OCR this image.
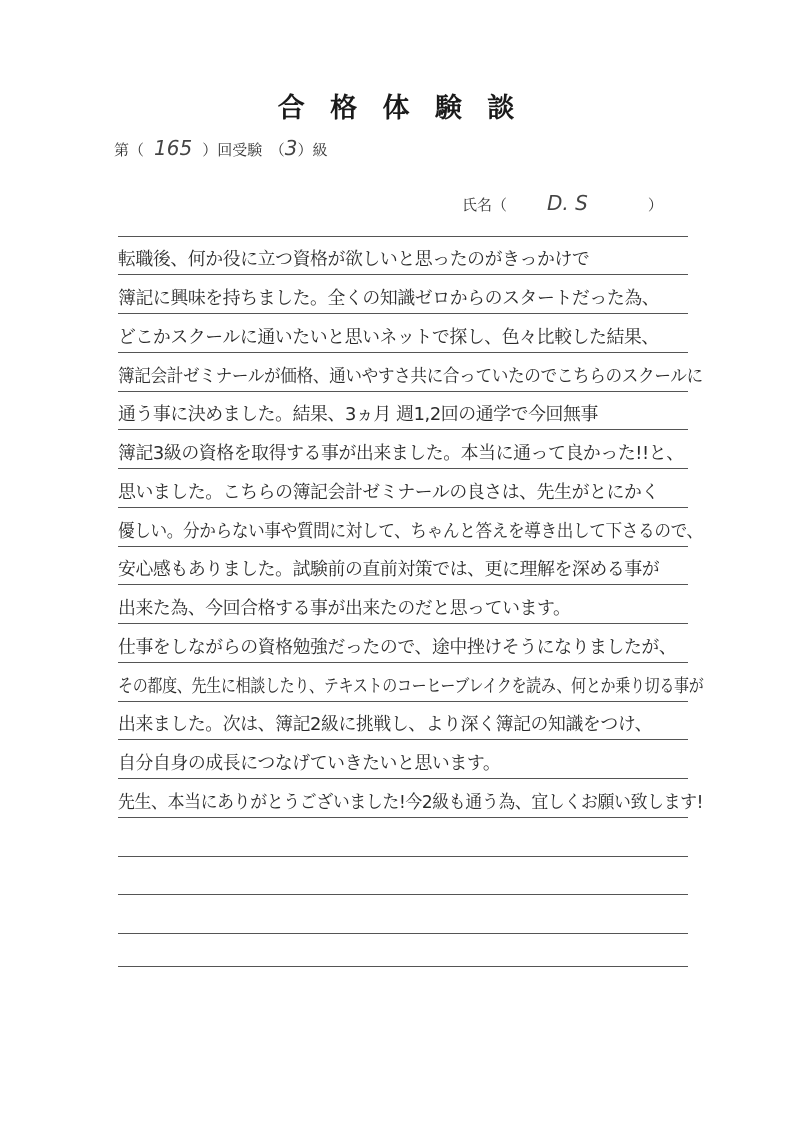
合 格 体 験 談
第（ 165 ）回受験　（3）級
氏名（ D. S	）
転職後、何か役に立つ資格が欲しいと思ったのがきっかけで
簿記に興味を持ちました。全くの知識ゼロからのスタートだった為、
どこかスクールに通いたいと思いネットで探し、色々比較した結果、
簿記会計ゼミナールが価格、通いやすさ共に合っていたのでこちらのスクールに
通う事に決めました。結果、3ヵ月 週1,2回の通学で今回無事
簿記3級の資格を取得する事が出来ました。本当に通って良かった!!と、
思いました。こちらの簿記会計ゼミナールの良さは、先生がとにかく
優しい。分からない事や質問に対して、ちゃんと答えを導き出して下さるので、
安心感もありました。試験前の直前対策では、更に理解を深める事が
出来た為、今回合格する事が出来たのだと思っています。
仕事をしながらの資格勉強だったので、途中挫けそうになりましたが、
その都度、先生に相談したり、テキストのコーヒーブレイクを読み、何とか乗り切る事が
出来ました。次は、簿記2級に挑戦し、より深く簿記の知識をつけ、
自分自身の成長につなげていきたいと思います。
先生、本当にありがとうございました!今2級も通う為、宜しくお願い致します!
